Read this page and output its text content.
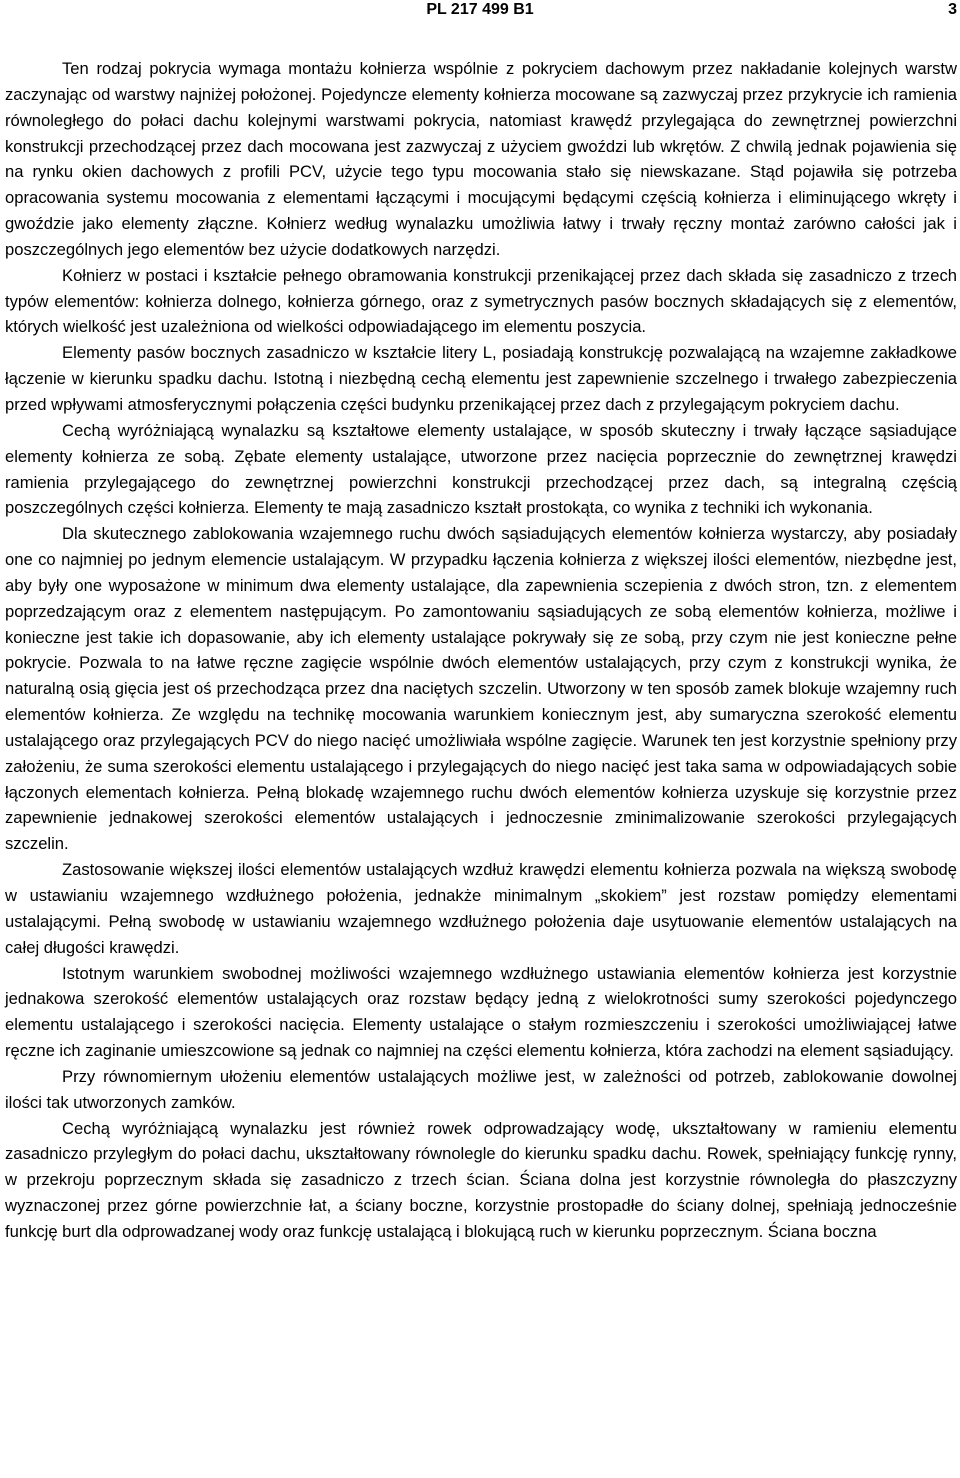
PL 217 499 B1	3

Ten rodzaj pokrycia wymaga montażu kołnierza wspólnie z pokryciem dachowym przez nakładanie kolejnych warstw zaczynając od warstwy najniżej położonej. Pojedyncze elementy kołnierza mocowane są zazwyczaj przez przykrycie ich ramienia równoległego do połaci dachu kolejnymi warstwami pokrycia, natomiast krawędź przylegająca do zewnętrznej powierzchni konstrukcji przechodzącej przez dach mocowana jest zazwyczaj z użyciem gwoździ lub wkrętów. Z chwilą jednak pojawienia się na rynku okien dachowych z profili PCV, użycie tego typu mocowania stało się niewskazane. Stąd pojawiła się potrzeba opracowania systemu mocowania z elementami łączącymi i mocującymi będącymi częścią kołnierza i eliminującego wkręty i gwoździe jako elementy złączne. Kołnierz według wynalazku umożliwia łatwy i trwały ręczny montaż zarówno całości jak i poszczególnych jego elementów bez użycie dodatkowych narzędzi.

Kołnierz w postaci i kształcie pełnego obramowania konstrukcji przenikającej przez dach składa się zasadniczo z trzech typów elementów: kołnierza dolnego, kołnierza górnego, oraz z symetrycznych pasów bocznych składających się z elementów, których wielkość jest uzależniona od wielkości odpowiadającego im elementu poszycia.

Elementy pasów bocznych zasadniczo w kształcie litery L, posiadają konstrukcję pozwalającą na wzajemne zakładkowe łączenie w kierunku spadku dachu. Istotną i niezbędną cechą elementu jest zapewnienie szczelnego i trwałego zabezpieczenia przed wpływami atmosferycznymi połączenia części budynku przenikającej przez dach z przylegającym pokryciem dachu.

Cechą wyróżniającą wynalazku są kształtowe elementy ustalające, w sposób skuteczny i trwały łączące sąsiadujące elementy kołnierza ze sobą. Zębate elementy ustalające, utworzone przez nacięcia poprzecznie do zewnętrznej krawędzi ramienia przylegającego do zewnętrznej powierzchni konstrukcji przechodzącej przez dach, są integralną częścią poszczególnych części kołnierza. Elementy te mają zasadniczo kształt prostokąta, co wynika z techniki ich wykonania.

Dla skutecznego zablokowania wzajemnego ruchu dwóch sąsiadujących elementów kołnierza wystarczy, aby posiadały one co najmniej po jednym elemencie ustalającym. W przypadku łączenia kołnierza z większej ilości elementów, niezbędne jest, aby były one wyposażone w minimum dwa elementy ustalające, dla zapewnienia sczepienia z dwóch stron, tzn. z elementem poprzedzającym oraz z elementem następującym. Po zamontowaniu sąsiadujących ze sobą elementów kołnierza, możliwe i konieczne jest takie ich dopasowanie, aby ich elementy ustalające pokrywały się ze sobą, przy czym nie jest konieczne pełne pokrycie. Pozwala to na łatwe ręczne zagięcie wspólnie dwóch elementów ustalających, przy czym z konstrukcji wynika, że naturalną osią gięcia jest oś przechodząca przez dna naciętych szczelin. Utworzony w ten sposób zamek blokuje wzajemny ruch elementów kołnierza. Ze względu na technikę mocowania warunkiem koniecznym jest, aby sumaryczna szerokość elementu ustalającego oraz przylegających PCV do niego nacięć umożliwiała wspólne zagięcie. Warunek ten jest korzystnie spełniony przy założeniu, że suma szerokości elementu ustalającego i przylegających do niego nacięć jest taka sama w odpowiadających sobie łączonych elementach kołnierza. Pełną blokadę wzajemnego ruchu dwóch elementów kołnierza uzyskuje się korzystnie przez zapewnienie jednakowej szerokości elementów ustalających i jednoczesnie zminimalizowanie szerokości przylegających szczelin.

Zastosowanie większej ilości elementów ustalających wzdłuż krawędzi elementu kołnierza pozwala na większą swobodę w ustawianiu wzajemnego wzdłużnego położenia, jednakże minimalnym „skokiem” jest rozstaw pomiędzy elementami ustalającymi. Pełną swobodę w ustawianiu wzajemnego wzdłużnego położenia daje usytuowanie elementów ustalających na całej długości krawędzi.

Istotnym warunkiem swobodnej możliwości wzajemnego wzdłużnego ustawiania elementów kołnierza jest korzystnie jednakowa szerokość elementów ustalających oraz rozstaw będący jedną z wielokrotności sumy szerokości pojedynczego elementu ustalającego i szerokości nacięcia. Elementy ustalające o stałym rozmieszczeniu i szerokości umożliwiającej łatwe ręczne ich zaginanie umieszcowione są jednak co najmniej na części elementu kołnierza, która zachodzi na element sąsiadujący.

Przy równomiernym ułożeniu elementów ustalających możliwe jest, w zależności od potrzeb, zablokowanie dowolnej ilości tak utworzonych zamków.

Cechą wyróżniającą wynalazku jest również rowek odprowadzający wodę, ukształtowany w ramieniu elementu zasadniczo przyległym do połaci dachu, ukształtowany równolegle do kierunku spadku dachu. Rowek, spełniający funkcję rynny, w przekroju poprzecznym składa się zasadniczo z trzech ścian. Ściana dolna jest korzystnie równoległa do płaszczyzny wyznaczonej przez górne powierzchnie łat, a ściany boczne, korzystnie prostopadłe do ściany dolnej, spełniają jednocześnie funkcję burt dla odprowadzanej wody oraz funkcję ustalającą i blokującą ruch w kierunku poprzecznym. Ściana boczna
